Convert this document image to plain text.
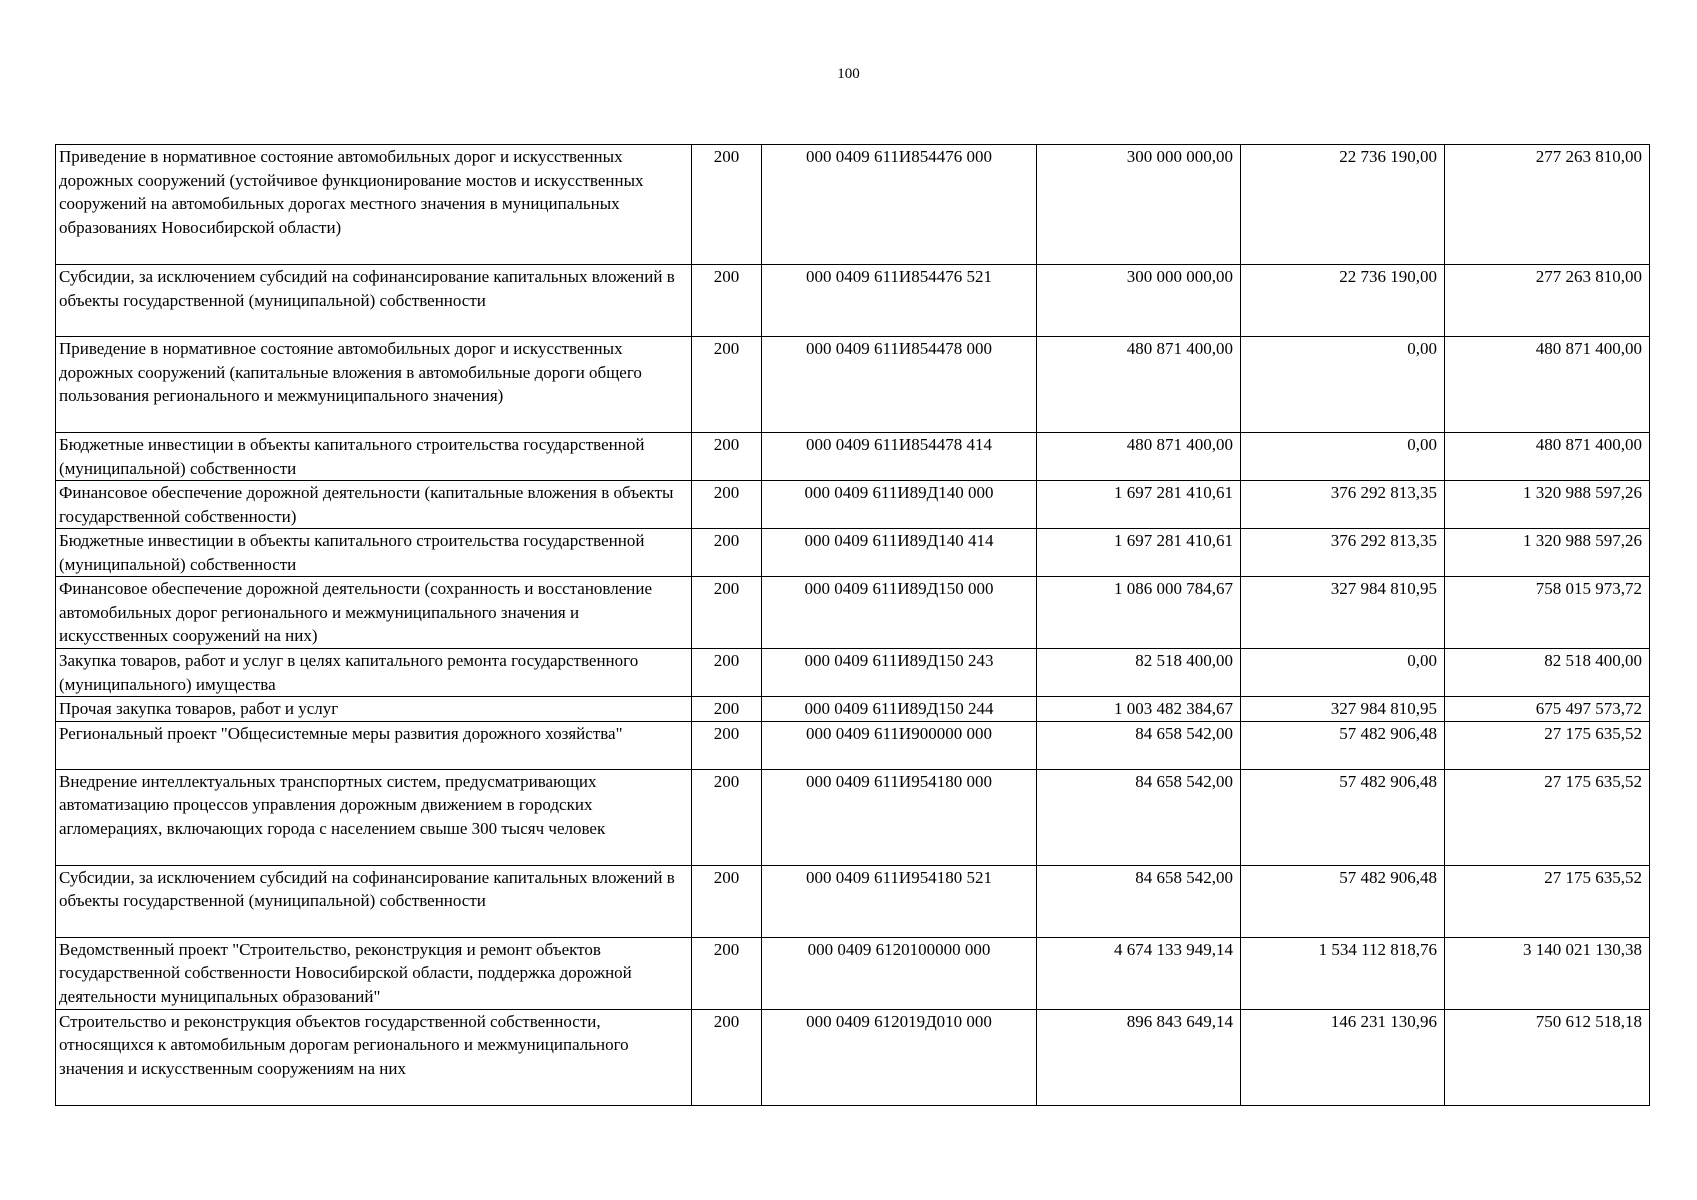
100
Приведение в нормативное состояние автомобильных дорог и искусственных дорожных сооружений (устойчивое функционирование мостов и искусственных сооружений на автомобильных дорогах местного значения в муниципальных образованиях Новосибирской области)	200	000 0409 611И854476 000	300 000 000,00	22 736 190,00	277 263 810,00
Субсидии, за исключением субсидий на софинансирование капитальных вложений в объекты государственной (муниципальной) собственности	200	000 0409 611И854476 521	300 000 000,00	22 736 190,00	277 263 810,00
Приведение в нормативное состояние автомобильных дорог и искусственных дорожных сооружений (капитальные вложения в автомобильные дороги общего пользования регионального и межмуниципального значения)	200	000 0409 611И854478 000	480 871 400,00	0,00	480 871 400,00
Бюджетные инвестиции в объекты капитального строительства государственной (муниципальной) собственности	200	000 0409 611И854478 414	480 871 400,00	0,00	480 871 400,00
Финансовое обеспечение дорожной деятельности (капитальные вложения в объекты государственной собственности)	200	000 0409 611И89Д140 000	1 697 281 410,61	376 292 813,35	1 320 988 597,26
Бюджетные инвестиции в объекты капитального строительства государственной (муниципальной) собственности	200	000 0409 611И89Д140 414	1 697 281 410,61	376 292 813,35	1 320 988 597,26
Финансовое обеспечение дорожной деятельности (сохранность и восстановление автомобильных дорог регионального и межмуниципального значения и искусственных сооружений на них)	200	000 0409 611И89Д150 000	1 086 000 784,67	327 984 810,95	758 015 973,72
Закупка товаров, работ и услуг в целях капитального ремонта государственного (муниципального) имущества	200	000 0409 611И89Д150 243	82 518 400,00	0,00	82 518 400,00
Прочая закупка товаров, работ и услуг	200	000 0409 611И89Д150 244	1 003 482 384,67	327 984 810,95	675 497 573,72
Региональный проект "Общесистемные меры развития дорожного хозяйства"	200	000 0409 611И900000 000	84 658 542,00	57 482 906,48	27 175 635,52
Внедрение интеллектуальных транспортных систем, предусматривающих автоматизацию процессов управления дорожным движением в городских агломерациях, включающих города с населением свыше 300 тысяч человек	200	000 0409 611И954180 000	84 658 542,00	57 482 906,48	27 175 635,52
Субсидии, за исключением субсидий на софинансирование капитальных вложений в объекты государственной (муниципальной) собственности	200	000 0409 611И954180 521	84 658 542,00	57 482 906,48	27 175 635,52
Ведомственный проект "Строительство, реконструкция и ремонт объектов государственной собственности Новосибирской области, поддержка дорожной деятельности муниципальных образований"	200	000 0409 6120100000 000	4 674 133 949,14	1 534 112 818,76	3 140 021 130,38
Строительство и реконструкция объектов государственной собственности, относящихся к автомобильным дорогам регионального и межмуниципального значения и искусственным сооружениям на них	200	000 0409 612019Д010 000	896 843 649,14	146 231 130,96	750 612 518,18
